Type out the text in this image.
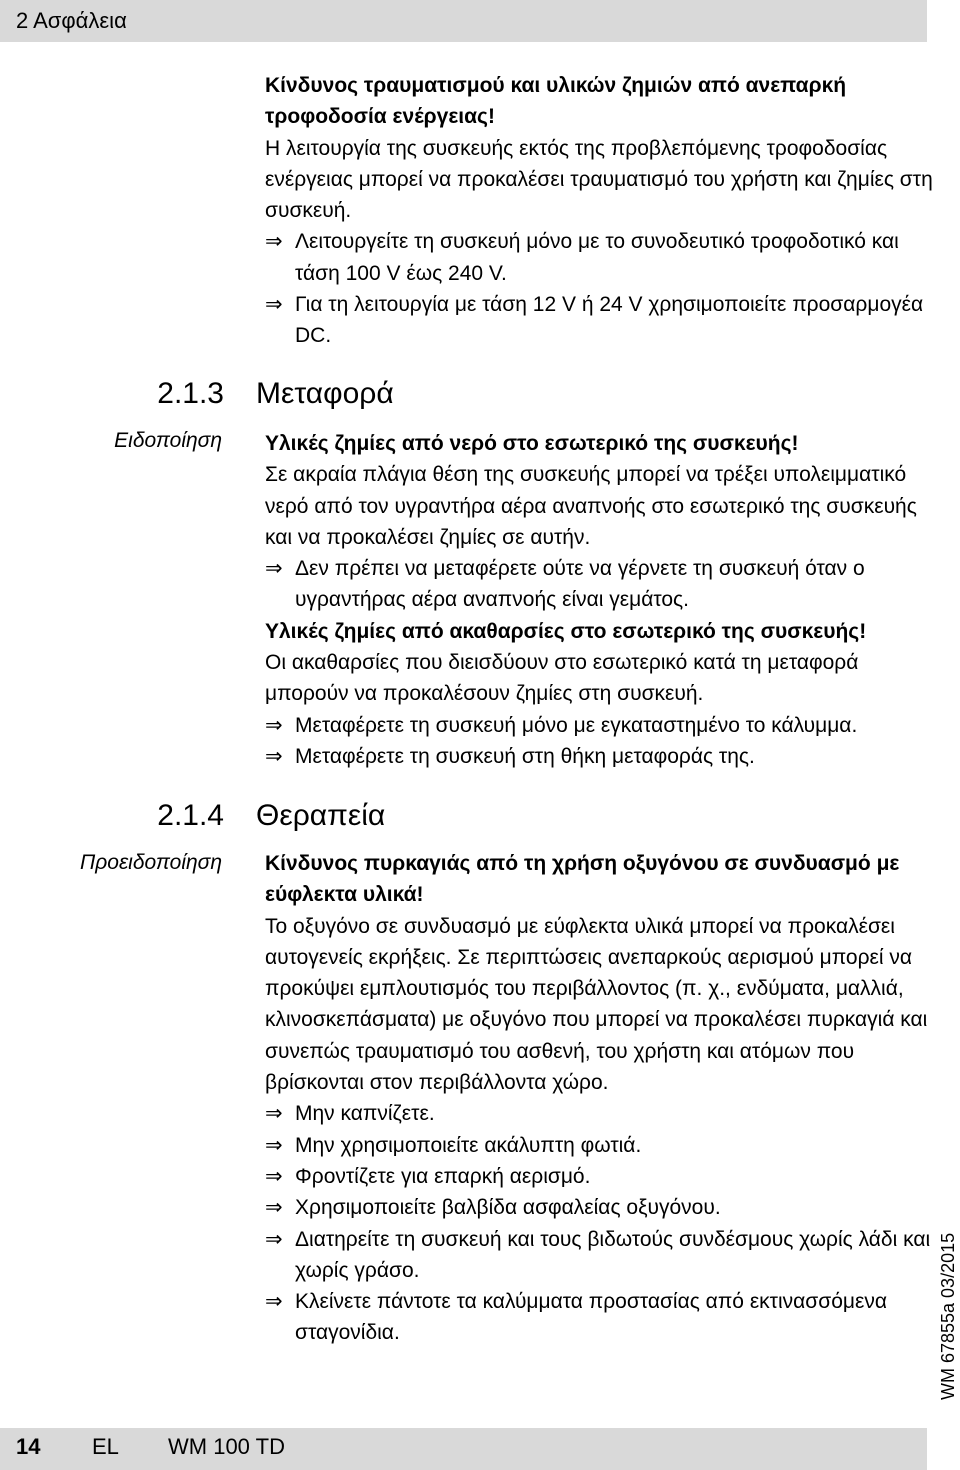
2 Ασφάλεια

Κίνδυνος τραυματισμού και υλικών ζημιών από ανεπαρκή τροφοδοσία ενέργειας!

Η λειτουργία της συσκευής εκτός της προβλεπόμενης τροφοδοσίας ενέργειας μπορεί να προκαλέσει τραυματισμό του χρήστη και ζημίες στη συσκευή.

⇒ Λειτουργείτε τη συσκευή μόνο με το συνοδευτικό τροφοδοτικό και τάση 100 V έως 240 V.
⇒ Για τη λειτουργία με τάση 12 V ή 24 V χρησιμοποιείτε προσαρμογέα DC.
2.1.3 Μεταφορά
Ειδοποίηση Υλικές ζημίες από νερό στο εσωτερικό της συσκευής!

Σε ακραία πλάγια θέση της συσκευής μπορεί να τρέξει υπολειμματικό νερό από τον υγραντήρα αέρα αναπνοής στο εσωτερικό της συσκευής και να προκαλέσει ζημίες σε αυτήν.

⇒ Δεν πρέπει να μεταφέρετε ούτε να γέρνετε τη συσκευή όταν ο υγραντήρας αέρα αναπνοής είναι γεμάτος.

Υλικές ζημίες από ακαθαρσίες στο εσωτερικό της συσκευής!

Οι ακαθαρσίες που διεισδύουν στο εσωτερικό κατά τη μεταφορά μπορούν να προκαλέσουν ζημίες στη συσκευή.

⇒ Μεταφέρετε τη συσκευή μόνο με εγκαταστημένο το κάλυμμα.
⇒ Μεταφέρετε τη συσκευή στη θήκη μεταφοράς της.
2.1.4 Θεραπεία
Προειδοποίηση Κίνδυνος πυρκαγιάς από τη χρήση οξυγόνου σε συνδυασμό με εύφλεκτα υλικά!

Το οξυγόνο σε συνδυασμό με εύφλεκτα υλικά μπορεί να προκαλέσει αυτογενείς εκρήξεις. Σε περιπτώσεις ανεπαρκούς αερισμού μπορεί να προκύψει εμπλουτισμός του περιβάλλοντος (π. χ., ενδύματα, μαλλιά, κλινοσκεπάσματα) με οξυγόνο που μπορεί να προκαλέσει πυρκαγιά και συνεπώς τραυματισμό του ασθενή, του χρήστη και ατόμων που βρίσκονται στον περιβάλλοντα χώρο.

⇒ Μην καπνίζετε.
⇒ Μην χρησιμοποιείτε ακάλυπτη φωτιά.
⇒ Φροντίζετε για επαρκή αερισμό.
⇒ Χρησιμοποιείτε βαλβίδα ασφαλείας οξυγόνου.
⇒ Διατηρείτε τη συσκευή και τους βιδωτούς συνδέσμους χωρίς λάδι και χωρίς γράσο.
⇒ Κλείνετε πάντοτε τα καλύμματα προστασίας από εκτινασσόμενα σταγονίδια.	WM 67855a 03/2015
14 EL WM 100 TD
